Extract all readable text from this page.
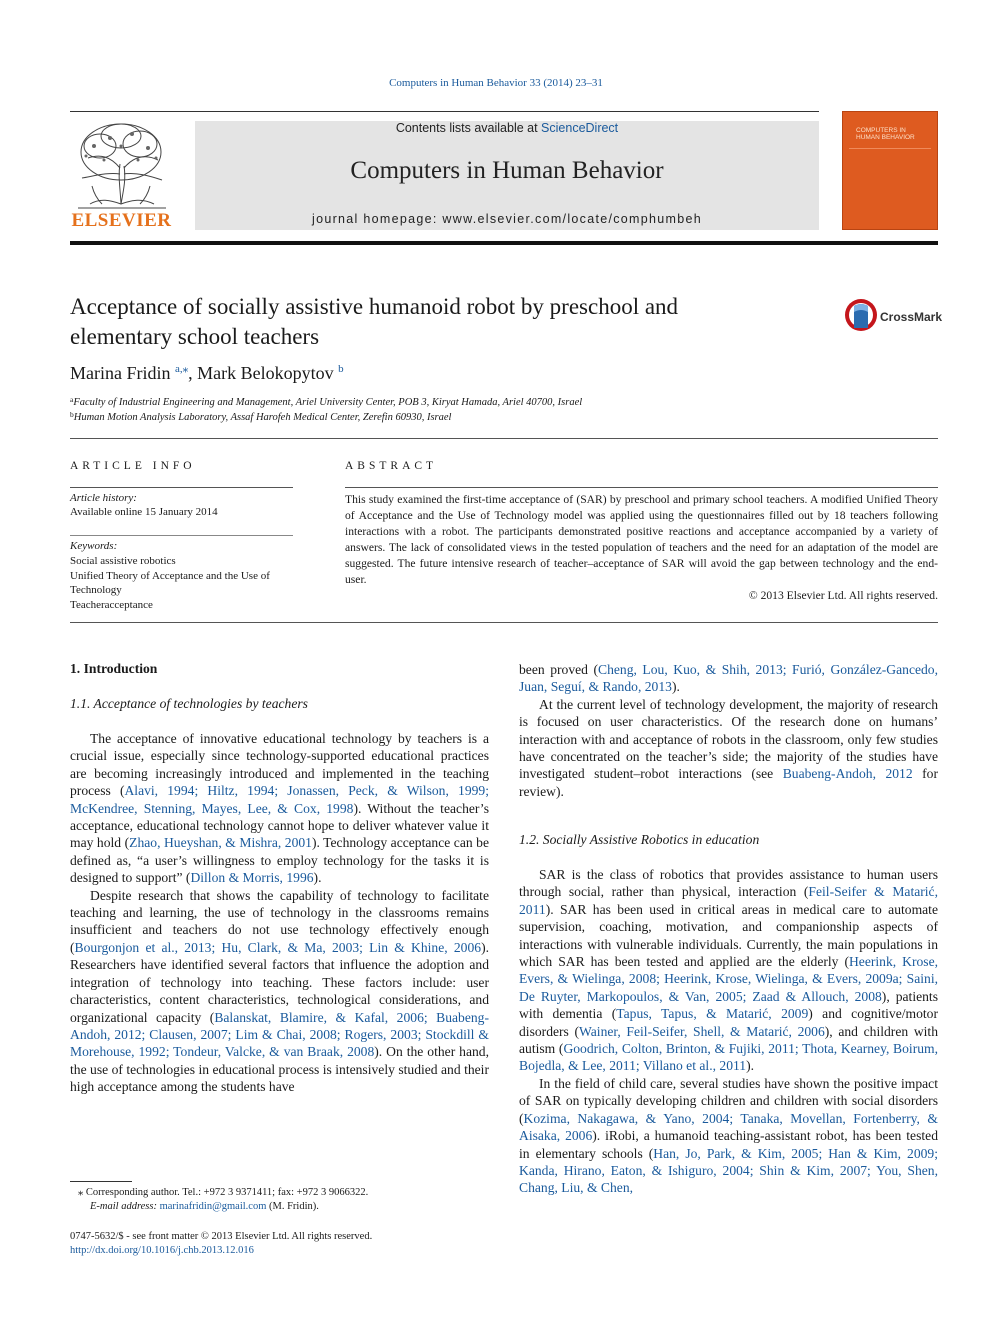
Computers in Human Behavior 33 (2014) 23–31
ELSEVIER
Contents lists available at ScienceDirect
Computers in Human Behavior
journal homepage: www.elsevier.com/locate/comphumbeh
COMPUTERS IN
HUMAN BEHAVIOR
Acceptance of socially assistive humanoid robot by preschool and
elementary school teachers
CrossMark
Marina Fridin $^{a,⁎}$, Mark Belokopytov $^b$
$^a$Faculty of Industrial Engineering and Management, Ariel University Center, POB 3, Kiryat Hamada, Ariel 40700, Israel
$^b$Human Motion Analysis Laboratory, Assaf Harofeh Medical Center, Zerefin 60930, Israel
ARTICLE INFO
Article history:
Available online 15 January 2014
Keywords:
Social assistive robotics
Unified Theory of Acceptance and the Use of
Technology
Teacheracceptance
ABSTRACT
This study examined the first-time acceptance of (SAR) by preschool and primary school teachers. A modified Unified Theory of Acceptance and the Use of Technology model was applied using the questionnaires filled out by 18 teachers following interactions with a robot. The participants demonstrated positive reactions and acceptance accompanied by a variety of answers. The lack of consolidated views in the tested population of teachers and the need for an adaptation of the model are suggested. The future intensive research of teacher–acceptance of SAR will avoid the gap between technology and the end-user.
© 2013 Elsevier Ltd. All rights reserved.
1. Introduction
1.1. Acceptance of technologies by teachers

The acceptance of innovative educational technology by teachers is a crucial issue, especially since technology-supported educational practices are becoming increasingly introduced and implemented in the teaching process (Alavi, 1994; Hiltz, 1994; Jonassen, Peck, & Wilson, 1999; McKendree, Stenning, Mayes, Lee, & Cox, 1998). Without the teacher’s acceptance, educational technology cannot hope to deliver whatever value it may hold (Zhao, Hueyshan, & Mishra, 2001). Technology acceptance can be defined as, “a user’s willingness to employ technology for the tasks it is designed to support” (Dillon & Morris, 1996).

Despite research that shows the capability of technology to facilitate teaching and learning, the use of technology in the classrooms remains insufficient and teachers do not use technology effectively enough (Bourgonjon et al., 2013; Hu, Clark, & Ma, 2003; Lin & Khine, 2006). Researchers have identified several factors that influence the adoption and integration of technology into teaching. These factors include: user characteristics, content characteristics, technological considerations, and organizational capacity (Balanskat, Blamire, & Kafal, 2006; Buabeng-Andoh, 2012; Clausen, 2007; Lim & Chai, 2008; Rogers, 2003; Stockdill & Morehouse, 1992; Tondeur, Valcke, & van Braak, 2008). On the other hand, the use of technologies in educational process is intensively studied and their high acceptance among the students have

been proved (Cheng, Lou, Kuo, & Shih, 2013; Furió, González-Gancedo, Juan, Seguí, & Rando, 2013).

At the current level of technology development, the majority of research is focused on user characteristics. Of the research done on humans’ interaction with and acceptance of robots in the classroom, only few studies have concentrated on the teacher’s side; the majority of the studies have investigated student–robot interactions (see Buabeng-Andoh, 2012 for review).

1.2. Socially Assistive Robotics in education

SAR is the class of robotics that provides assistance to human users through social, rather than physical, interaction (Feil-Seifer & Matarić, 2011). SAR has been used in critical areas in medical care to automate supervision, coaching, motivation, and companionship aspects of interactions with vulnerable individuals. Currently, the main populations in which SAR has been tested and applied are the elderly (Heerink, Krose, Evers, & Wielinga, 2008; Heerink, Krose, Wielinga, & Evers, 2009a; Saini, De Ruyter, Markopoulos, & Van, 2005; Zaad & Allouch, 2008), patients with dementia (Tapus, Tapus, & Matarić, 2009) and cognitive/motor disorders (Wainer, Feil-Seifer, Shell, & Matarić, 2006), and children with autism (Goodrich, Colton, Brinton, & Fujiki, 2011; Thota, Kearney, Boirum, Bojedla, & Lee, 2011; Villano et al., 2011).

In the field of child care, several studies have shown the positive impact of SAR on typically developing children and children with social disorders (Kozima, Nakagawa, & Yano, 2004; Tanaka, Movellan, Fortenberry, & Aisaka, 2006). iRobi, a humanoid teaching-assistant robot, has been tested in elementary schools (Han, Jo, Park, & Kim, 2005; Han & Kim, 2009; Kanda, Hirano, Eaton, & Ishiguro, 2004; Shin & Kim, 2007; You, Shen, Chang, Liu, & Chen,

⁎ Corresponding author. Tel.: +972 3 9371411; fax: +972 3 9066322.
E-mail address: marinafridin@gmail.com (M. Fridin).
0747-5632/$ - see front matter © 2013 Elsevier Ltd. All rights reserved.
http://dx.doi.org/10.1016/j.chb.2013.12.016
